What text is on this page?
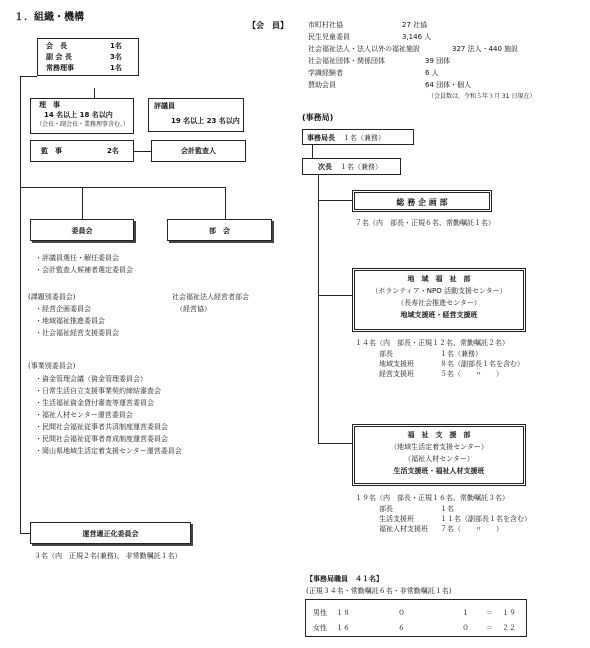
１．組織・機構
【会　員】	市町村社協	27 社協
民生児童委員	3,146 人
社会福祉法人・法人以外の福祉施設	327 法人・440 施設
社会福祉団体・関係団体	39 団体
学識経験者	6 人
賛助会員	64 団体・個人
（会員数は，令和５年３月 31 日現在）
会　長	1名
副 会 長	3名
常務理事	1名
理　事
14 名以上 18 名以内
（会長・副会長・業務理事含む。）
評議員
19 名以上 23 名以内
監　事	2名	会計監査人
委員会	部　会
・評議員選任・解任委員会
・会計監査人候補者選定委員会
(課題別委員会)
・経営企画委員会
・地域福祉推進委員会
・社会福祉経営支援委員会
(事業別委員会)
・資金管理会議（資金管理委員会）
・日常生活自立支援事業契約締結審査会
・生活福祉資金貸付審査等運営委員会
・福祉人材センター運営委員会
・民間社会福祉従事者共済制度運営委員会
・民間社会福祉従事者育成制度運営委員会
・岡山県地域生活定着支援センター運営委員会
社会福祉法人経営者部会
（経営協）
運営適正化委員会
３名（内　正規２名(兼務)、 非常勤嘱託１名）
(事務局)
事務局長 １名（兼務）
次長 １名（兼務）
総 務 企 画 部
７名（内　部長・正規６名、常勤嘱託１名）
地　域　福　祉　部
（ボランティア・NPO 活動支援センター）
（長寿社会推進センター）
地域支援班・経営支援班
１４名（内　部長・正規１２名、常勤嘱託２名）
部長	１名（兼務）
地域支援班	８名（副部長１名を含む）
経営支援班	５名（　　〃　　）
福　祉　支　援　部
（地域生活定着支援センター）
（福祉人材センター）
生活支援班・福祉人材支援班
１９名（内　部長・正規１６名、常勤嘱託３名）
部長	１名
生活支援班	１１名（副部長１名を含む）
福祉人材支援班 ７名（　　〃　　）
【事務局職員　４１名】
(正規３４名・常勤嘱託６名・非常勤嘱託１名)
男性 １８	０	１ ＝ １９
女性 １６	６	０ ＝ ２２
